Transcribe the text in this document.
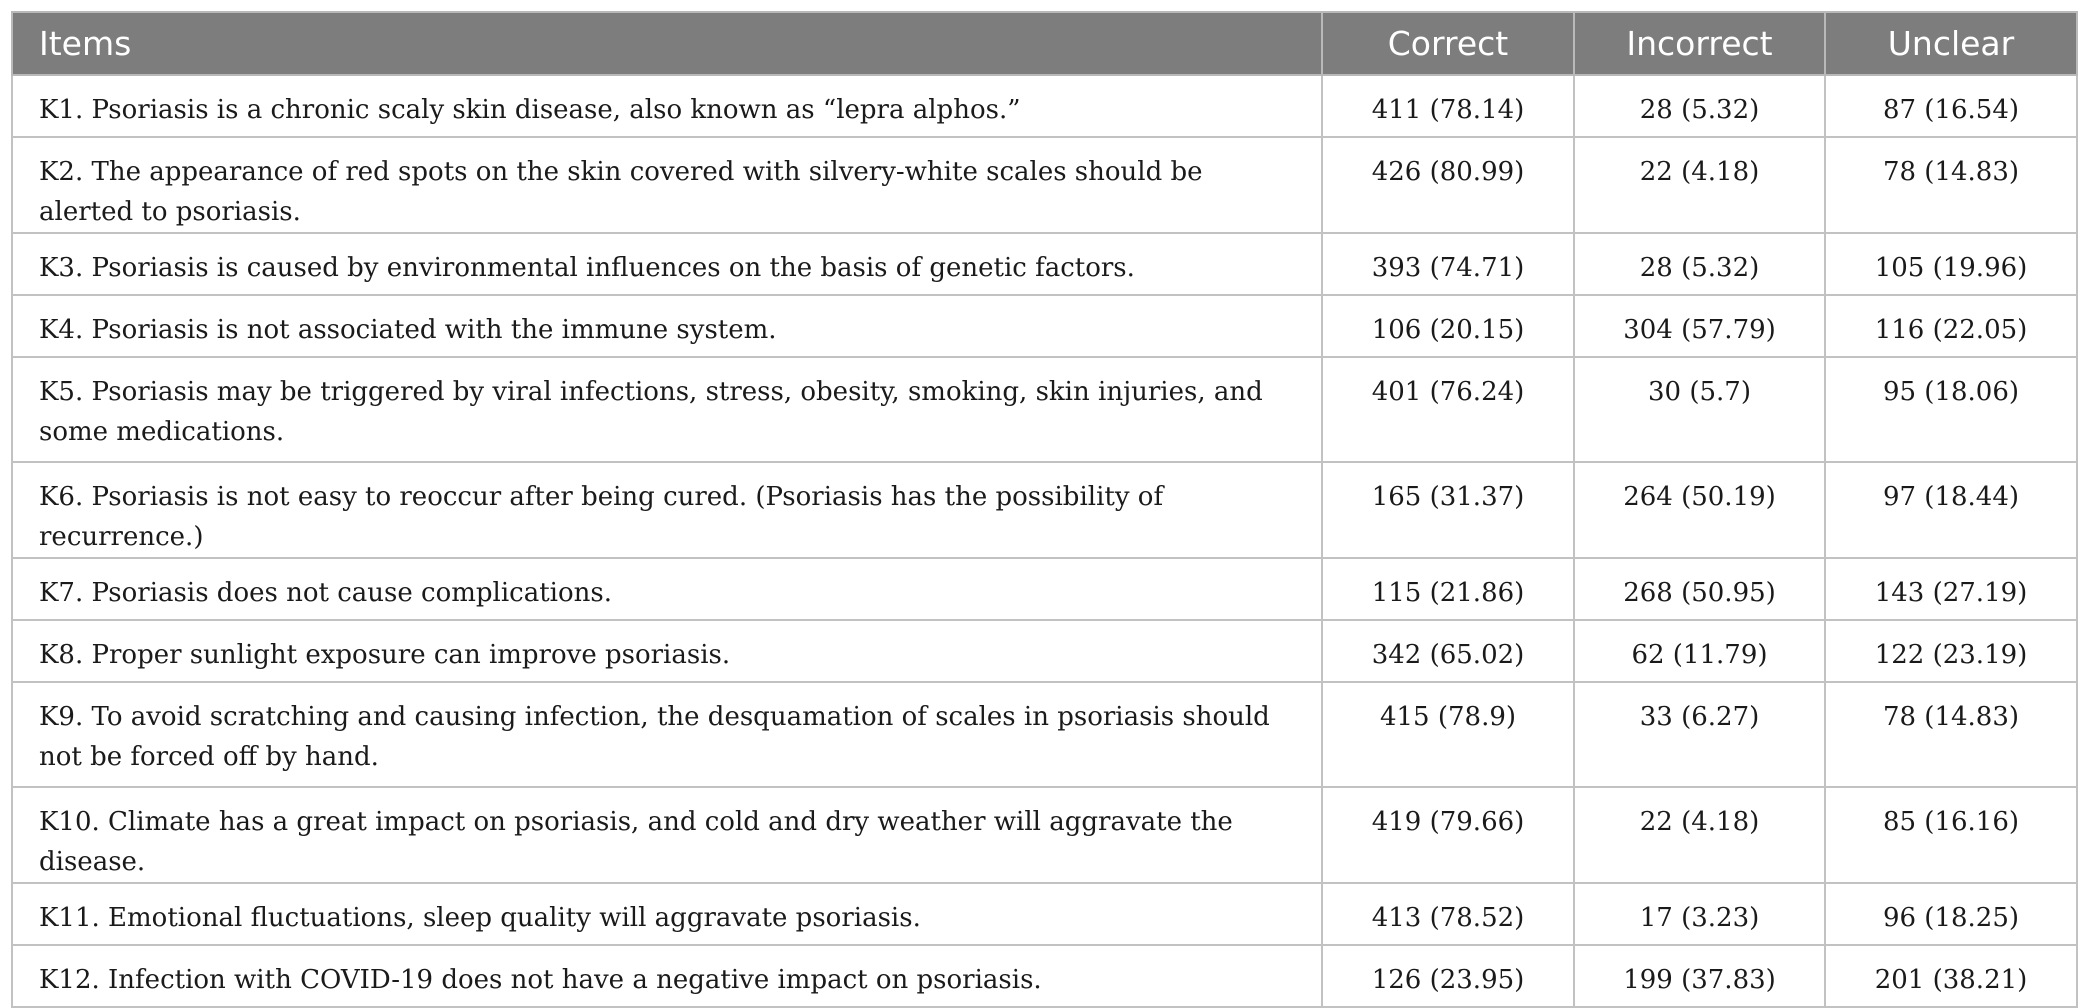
Items	Correct	Incorrect	Unclear
K1. Psoriasis is a chronic scaly skin disease, also known as “lepra alphos.”	411 (78.14)	28 (5.32)	87 (16.54)
K2. The appearance of red spots on the skin covered with silvery-white scales should be alerted to psoriasis.	426 (80.99)	22 (4.18)	78 (14.83)
K3. Psoriasis is caused by environmental influences on the basis of genetic factors.	393 (74.71)	28 (5.32)	105 (19.96)
K4. Psoriasis is not associated with the immune system.	106 (20.15)	304 (57.79)	116 (22.05)
K5. Psoriasis may be triggered by viral infections, stress, obesity, smoking, skin injuries, and some medications.	401 (76.24)	30 (5.7)	95 (18.06)
K6. Psoriasis is not easy to reoccur after being cured. (Psoriasis has the possibility of recurrence.)	165 (31.37)	264 (50.19)	97 (18.44)
K7. Psoriasis does not cause complications.	115 (21.86)	268 (50.95)	143 (27.19)
K8. Proper sunlight exposure can improve psoriasis.	342 (65.02)	62 (11.79)	122 (23.19)
K9. To avoid scratching and causing infection, the desquamation of scales in psoriasis should not be forced off by hand.	415 (78.9)	33 (6.27)	78 (14.83)
K10. Climate has a great impact on psoriasis, and cold and dry weather will aggravate the disease.	419 (79.66)	22 (4.18)	85 (16.16)
K11. Emotional fluctuations, sleep quality will aggravate psoriasis.	413 (78.52)	17 (3.23)	96 (18.25)
K12. Infection with COVID-19 does not have a negative impact on psoriasis.	126 (23.95)	199 (37.83)	201 (38.21)
